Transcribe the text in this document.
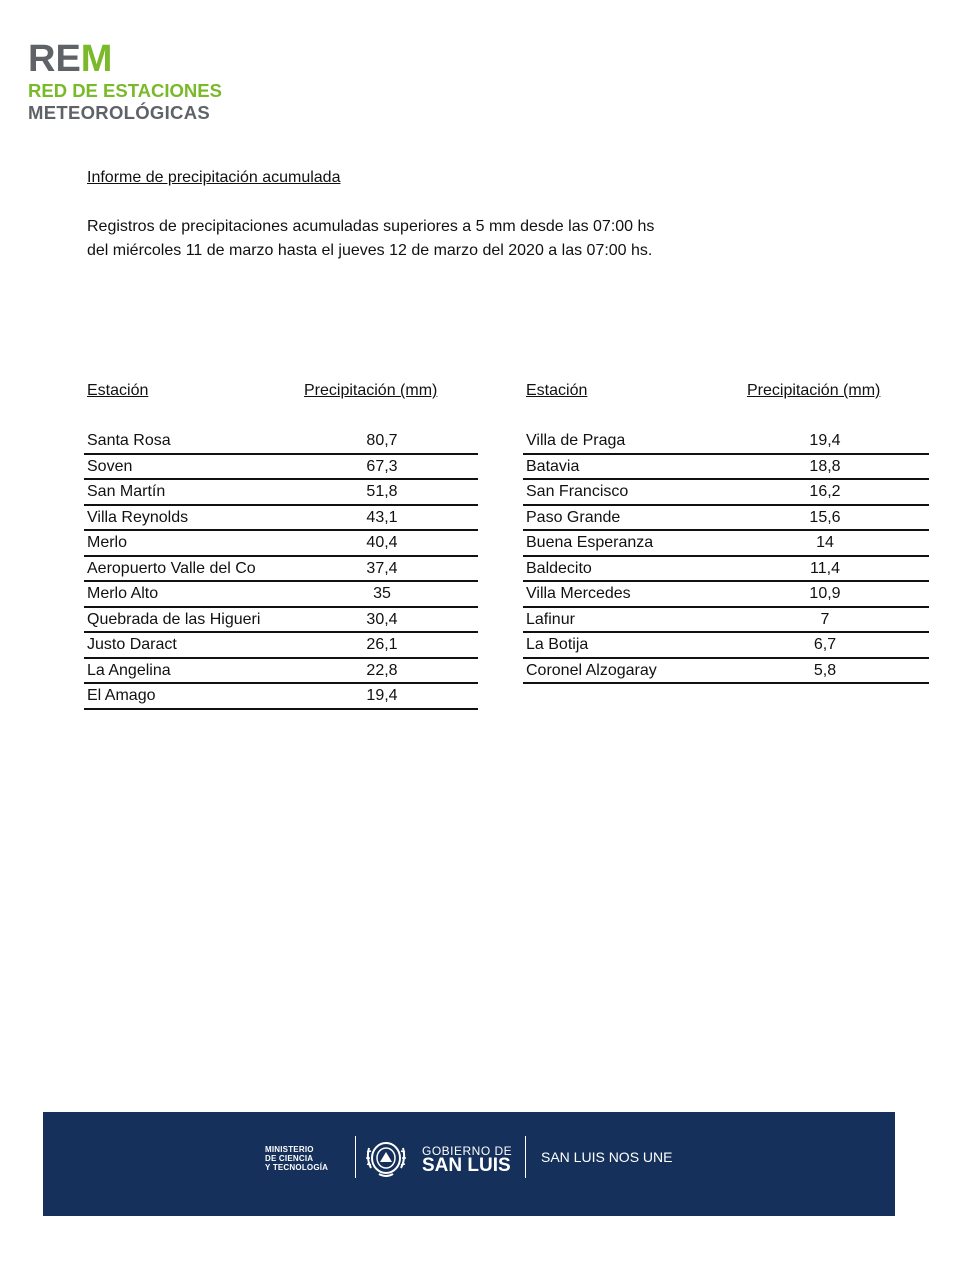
REM
RED DE ESTACIONES
METEOROLÓGICAS
Informe de precipitación acumulada
Registros de precipitaciones acumuladas superiores a 5 mm desde las 07:00 hs
del miércoles 11 de marzo hasta el jueves 12 de marzo del 2020 a las 07:00 hs.
Estación	Precipitación (mm)
Santa Rosa	80,7
Soven	67,3
San Martín	51,8
Villa Reynolds	43,1
Merlo	40,4
Aeropuerto Valle del Co	37,4
Merlo Alto	35
Quebrada de las Higueri	30,4
Justo Daract	26,1
La Angelina	22,8
El Amago	19,4
Estación	Precipitación (mm)
Villa de Praga	19,4
Batavia	18,8
San Francisco	16,2
Paso Grande	15,6
Buena Esperanza	14
Baldecito	11,4
Villa Mercedes	10,9
Lafinur	7
La Botija	6,7
Coronel Alzogaray	5,8
MINISTERIO
DE CIENCIA
Y TECNOLOGÍA
GOBIERNO DE
SAN LUIS SAN LUIS NOS UNE
